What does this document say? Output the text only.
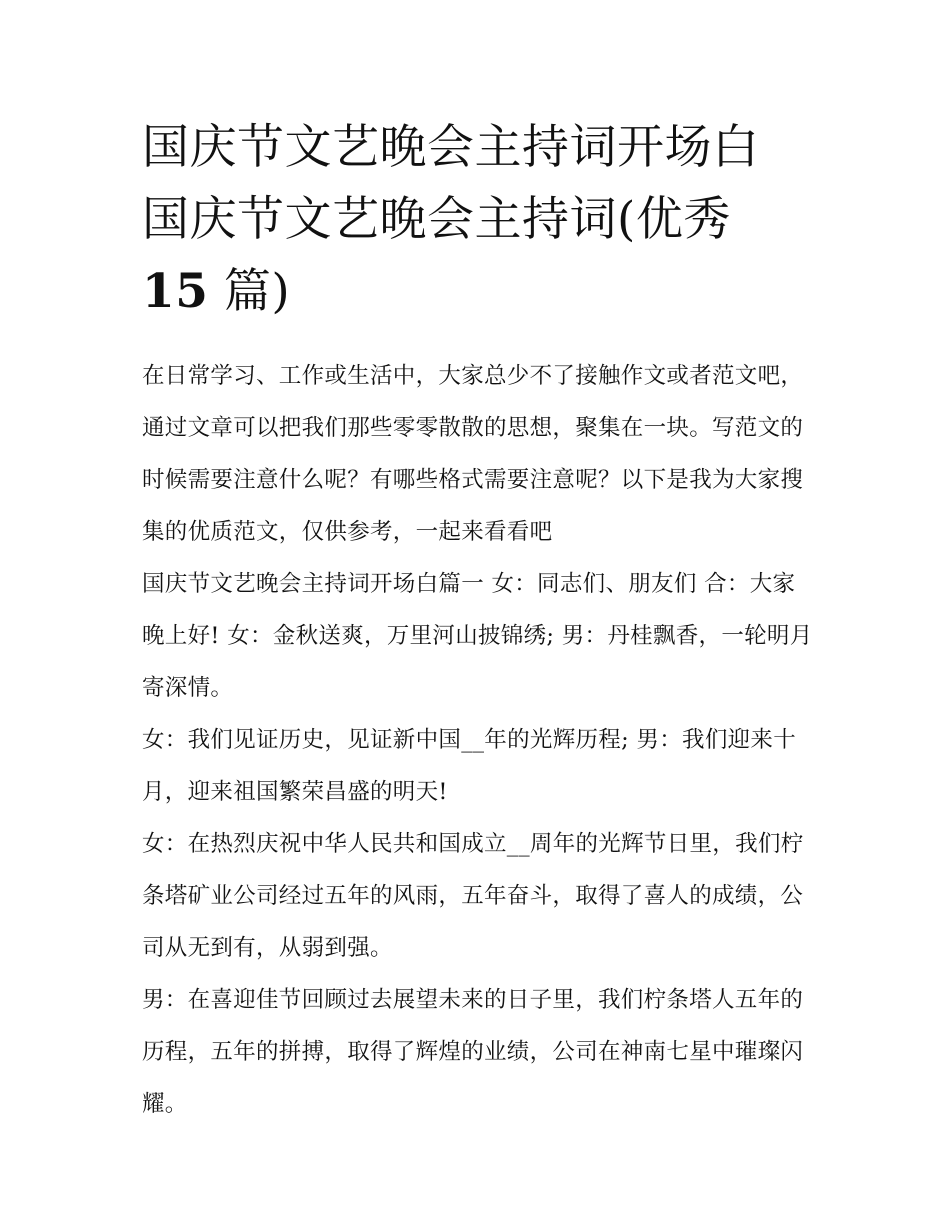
国庆节文艺晚会主持词开场白
国庆节文艺晚会主持词(优秀
15 篇)

在日常学习、工作或生活中，大家总少不了接触作文或者范文吧，通过文章可以把我们那些零零散散的思想，聚集在一块。写范文的时候需要注意什么呢？有哪些格式需要注意呢？以下是我为大家搜集的优质范文，仅供参考，一起来看看吧

国庆节文艺晚会主持词开场白篇一 女：同志们、朋友们 合：大家晚上好! 女：金秋送爽，万里河山披锦绣; 男：丹桂飘香，一轮明月寄深情。

女：我们见证历史，见证新中国__年的光辉历程; 男：我们迎来十月，迎来祖国繁荣昌盛的明天!

女：在热烈庆祝中华人民共和国成立__周年的光辉节日里，我们柠条塔矿业公司经过五年的风雨，五年奋斗，取得了喜人的成绩，公司从无到有，从弱到强。

男：在喜迎佳节回顾过去展望未来的日子里，我们柠条塔人五年的历程，五年的拼搏，取得了辉煌的业绩，公司在神南七星中璀璨闪耀。
